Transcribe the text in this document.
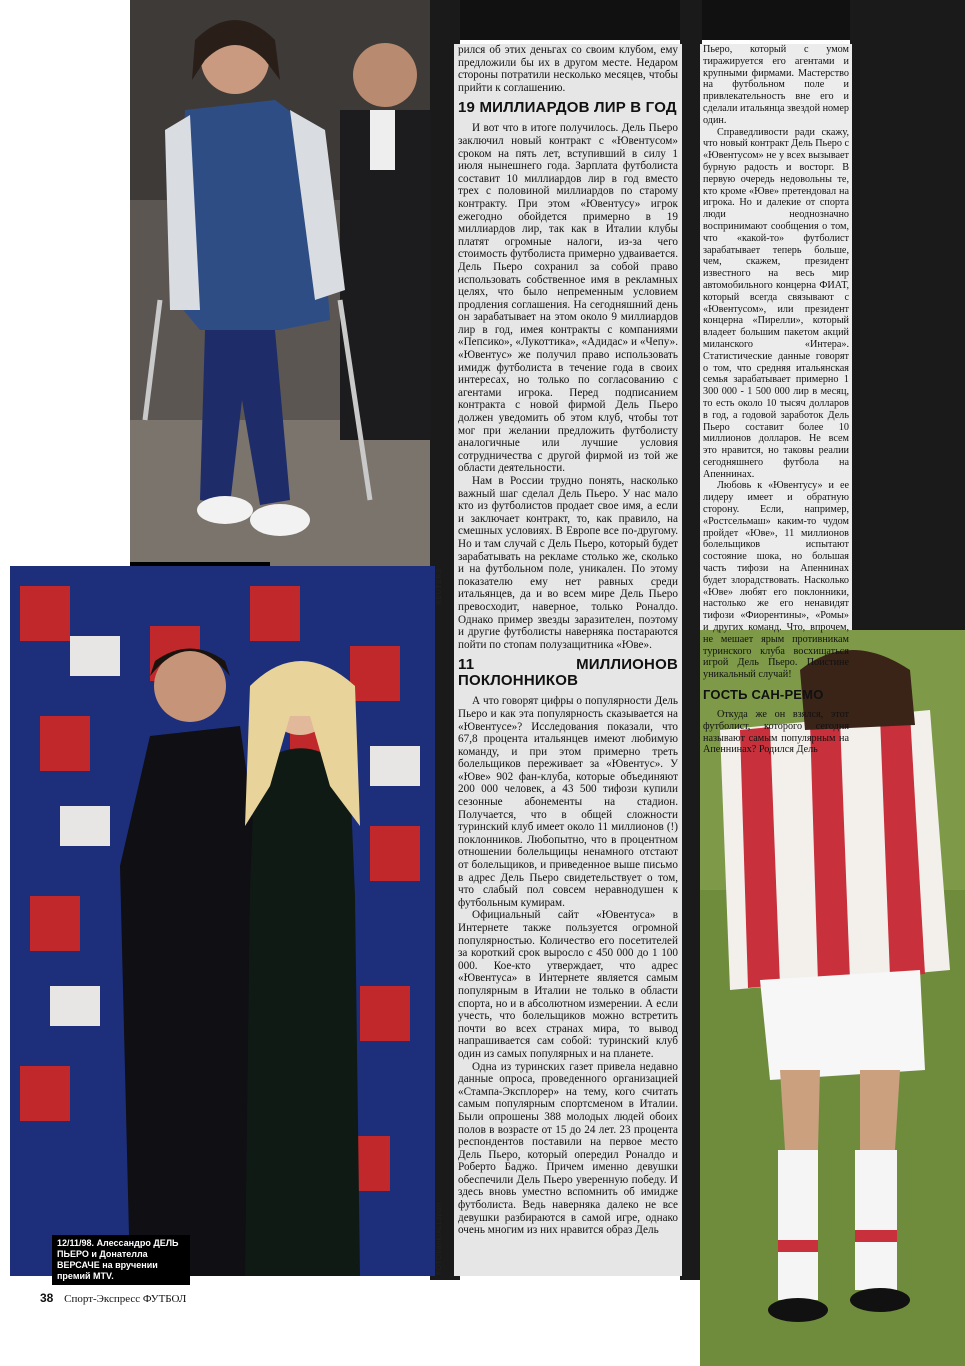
12/11/98. Алессандро ДЕЛЬ ПЬЕРО и Донателла ВЕРСАЧЕ на вручении премий MTV.
REUTERS
FOTObank/ALLsport

рился об этих деньгах со своим клубом, ему предложили бы их в другом месте. Недаром стороны потратили несколько месяцев, чтобы прийти к соглашению.

19 МИЛЛИАРДОВ ЛИР В ГОД

И вот что в итоге получилось. Дель Пьеро заключил новый контракт с «Ювентусом» сроком на пять лет, вступивший в силу 1 июля нынешнего года. Зарплата футболиста составит 10 миллиардов лир в год вместо трех с половиной миллиардов по старому контракту. При этом «Ювентусу» игрок ежегодно обойдется примерно в 19 миллиардов лир, так как в Италии клубы платят огромные налоги, из-за чего стоимость футболиста примерно удваивается. Дель Пьеро сохранил за собой право использовать собственное имя в рекламных целях, что было непременным условием продления соглашения. На сегодняшний день он зарабатывает на этом около 9 миллиардов лир в год, имея контракты с компаниями «Пепсико», «Лукоттика», «Адидас» и «Чепу». «Ювентус» же получил право использовать имидж футболиста в течение года в своих интересах, но только по согласованию с агентами игрока. Перед подписанием контракта с новой фирмой Дель Пьеро должен уведомить об этом клуб, чтобы тот мог при желании предложить футболисту аналогичные или лучшие условия сотрудничества с другой фирмой из той же области деятельности.

Нам в России трудно понять, насколько важный шаг сделал Дель Пьеро. У нас мало кто из футболистов продает свое имя, а если и заключает контракт, то, как правило, на смешных условиях. В Европе все по-другому. Но и там случай с Дель Пьеро, который будет зарабатывать на рекламе столько же, сколько и на футбольном поле, уникален. По этому показателю ему нет равных среди итальянцев, да и во всем мире Дель Пьеро превосходит, наверное, только Роналдо. Однако пример звезды заразителен, поэтому и другие футболисты наверняка постараются пойти по стопам полузащитника «Юве».

11 МИЛЛИОНОВ ПОКЛОННИКОВ

А что говорят цифры о популярности Дель Пьеро и как эта популярность сказывается на «Ювентусе»? Исследования показали, что 67,8 процента итальянцев имеют любимую команду, и при этом примерно треть болельщиков переживает за «Ювентус». У «Юве» 902 фан-клуба, которые объединяют 200 000 человек, а 43 500 тифози купили сезонные абонементы на стадион. Получается, что в общей сложности туринский клуб имеет около 11 миллионов (!) поклонников. Любопытно, что в процентном отношении болельщицы ненамного отстают от болельщиков, и приведенное выше письмо в адрес Дель Пьеро свидетельствует о том, что слабый пол совсем неравнодушен к футбольным кумирам.

Официальный сайт «Ювентуса» в Интернете также пользуется огромной популярностью. Количество его посетителей за короткий срок выросло с 450 000 до 1 100 000. Кое-кто утверждает, что адрес «Ювентуса» в Интернете является самым популярным в Италии не только в области спорта, но и в абсолютном измерении. А если учесть, что болельщиков можно встретить почти во всех странах мира, то вывод напрашивается сам собой: туринский клуб один из самых популярных и на планете.

Одна из туринских газет привела недавно данные опроса, проведенного организацией «Стампа-Эксплорер» на тему, кого считать самым популярным спортсменом в Италии. Были опрошены 388 молодых людей обоих полов в возрасте от 15 до 24 лет. 23 процента респондентов поставили на первое место Дель Пьеро, который опередил Роналдо и Роберто Баджо. Причем именно девушки обеспечили Дель Пьеро уверенную победу. И здесь вновь уместно вспомнить об имидже футболиста. Ведь наверняка далеко не все девушки разбираются в самой игре, однако очень многим из них нравится образ Дель

Пьеро, который с умом тиражируется его агентами и крупными фирмами. Мастерство на футбольном поле и привлекательность вне его и сделали итальянца звездой номер один.

Справедливости ради скажу, что новый контракт Дель Пьеро с «Ювентусом» не у всех вызывает бурную радость и восторг. В первую очередь недовольны те, кто кроме «Юве» претендовал на игрока. Но и далекие от спорта люди неоднозначно воспринимают сообщения о том, что «какой-то» футболист зарабатывает теперь больше, чем, скажем, президент известного на весь мир автомобильного концерна ФИАТ, который всегда связывают с «Ювентусом», или президент концерна «Пирелли», который владеет большим пакетом акций миланского «Интера». Статистические данные говорят о том, что средняя итальянская семья зарабатывает примерно 1 300 000 - 1 500 000 лир в месяц, то есть около 10 тысяч долларов в год, а годовой заработок Дель Пьеро составит более 10 миллионов долларов. Не всем это нравится, но таковы реалии сегодняшнего футбола на Апеннинах.

Любовь к «Ювентусу» и ее лидеру имеет и обратную сторону. Если, например, «Ростсельмаш» каким-то чудом пройдет «Юве», 11 миллионов болельщиков испытают состояние шока, но большая часть тифози на Апеннинах будет злорадствовать. Насколько «Юве» любят его поклонники, настолько же его ненавидят тифози «Фиорентины», «Ромы» и других команд. Что, впрочем, не мешает ярым противникам туринского клуба восхищаться игрой Дель Пьеро. Поистине уникальный случай!

ГОСТЬ САН-РЕМО

Откуда же он взялся, этот футболист, которого сегодня называют самым популярным на Апеннинах? Родился Дель

38 Спорт-Экспресс ФУТБОЛ
